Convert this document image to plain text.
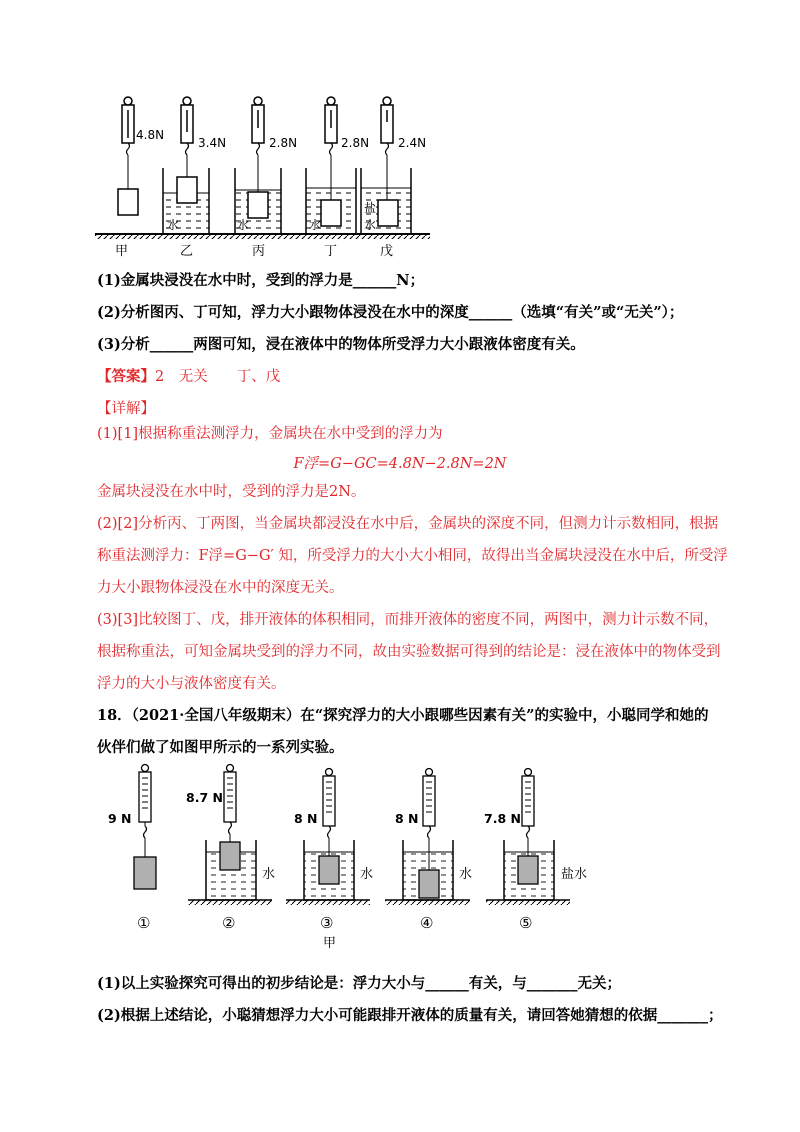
4.8N
3.4N	2.8N	2.8N 2.4N
水	水	水
盐
水
甲	乙	丙	丁	戊
(1)金属块浸没在水中时，受到的浮力是______N；
(2)分析图丙、丁可知，浮力大小跟物体浸没在水中的深度______（选填“有关”或“无关”）；
(3)分析______两图可知，浸在液体中的物体所受浮力大小跟液体密度有关。
【答案】2　无关　　丁、戊
【详解】
(1)[1]根据称重法测浮力，金属块在水中受到的浮力为
F浮=G−GC=4.8N−2.8N=2N
金属块浸没在水中时，受到的浮力是2N。
(2)[2]分析丙、丁两图，当金属块都浸没在水中后，金属块的深度不同，但测力计示数相同，根据
称重法测浮力：F浮=G−G′ 知，所受浮力的大小大小相同，故得出当金属块浸没在水中后，所受浮
力大小跟物体浸没在水中的深度无关。
(3)[3]比较图丁、戊，排开液体的体积相同，而排开液体的密度不同，两图中，测力计示数不同，
根据称重法，可知金属块受到的浮力不同，故由实验数据可得到的结论是：浸在液体中的物体受到
浮力的大小与液体密度有关。
18．（2021·全国八年级期末）在“探究浮力的大小跟哪些因素有关”的实验中，小聪同学和她的
伙伴们做了如图甲所示的一系列实验。
9 N
8.7 N
8 N	8 N	7.8 N
水	水	水	盐水
①	②	③	④	⑤
甲
(1)以上实验探究可得出的初步结论是：浮力大小与______有关，与_______无关；
(2)根据上述结论，小聪猜想浮力大小可能跟排开液体的质量有关，请回答她猜想的依据_______；
